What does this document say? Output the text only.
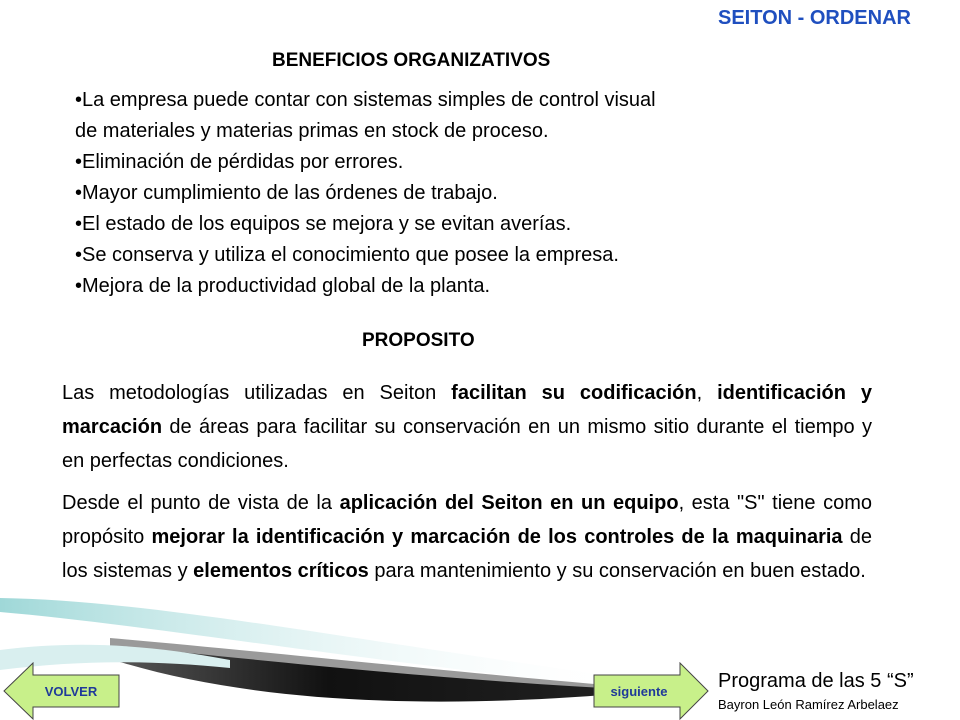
SEITON - ORDENAR
BENEFICIOS ORGANIZATIVOS
•La empresa puede contar con sistemas simples de control visual
de materiales y materias primas en stock de proceso.
•Eliminación de pérdidas por errores.
•Mayor cumplimiento de las órdenes de trabajo.
•El estado de los equipos se mejora y se evitan averías.
•Se conserva y utiliza el conocimiento que posee la empresa.
•Mejora de la productividad global de la planta.
PROPOSITO
Las metodologías utilizadas en Seiton facilitan su codificación, identificación y marcación de áreas para facilitar su conservación en un mismo sitio durante el tiempo y en perfectas condiciones.
Desde el punto de vista de la aplicación del Seiton en un equipo, esta "S" tiene como propósito mejorar la identificación y marcación de los controles de la maquinaria de los sistemas y elementos críticos para mantenimiento y su conservación en buen estado.
VOLVER	siguiente	Programa de las 5 “S”
Bayron León Ramírez Arbelaez
